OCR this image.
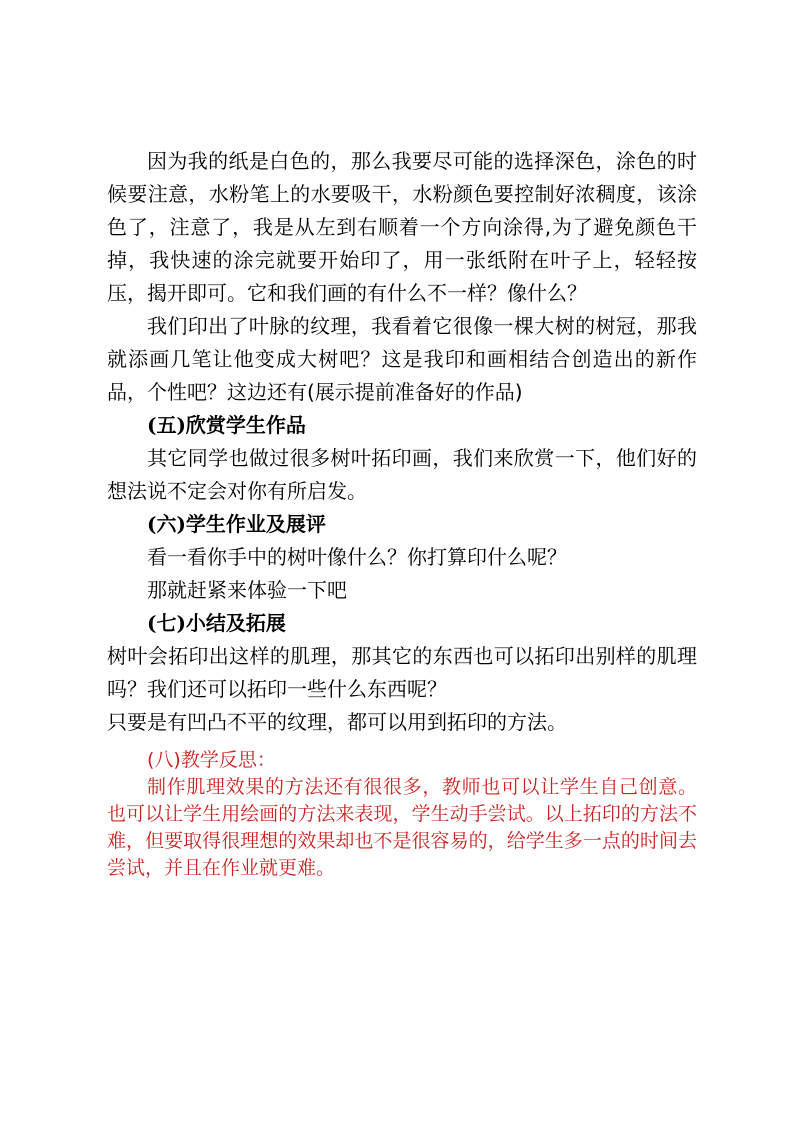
因为我的纸是白色的，那么我要尽可能的选择深色，涂色的时候要注意，水粉笔上的水要吸干，水粉颜色要控制好浓稠度，该涂色了，注意了，我是从左到右顺着一个方向涂得,为了避免颜色干掉，我快速的涂完就要开始印了，用一张纸附在叶子上，轻轻按压，揭开即可。它和我们画的有什么不一样？像什么？

我们印出了叶脉的纹理，我看着它很像一棵大树的树冠，那我就添画几笔让他变成大树吧？这是我印和画相结合创造出的新作品，个性吧？这边还有(展示提前准备好的作品)

(五)欣赏学生作品

其它同学也做过很多树叶拓印画，我们来欣赏一下，他们好的想法说不定会对你有所启发。

(六)学生作业及展评

看一看你手中的树叶像什么？你打算印什么呢？

那就赶紧来体验一下吧

(七)小结及拓展

树叶会拓印出这样的肌理，那其它的东西也可以拓印出别样的肌理吗？我们还可以拓印一些什么东西呢？

只要是有凹凸不平的纹理，都可以用到拓印的方法。

(八)教学反思：

制作肌理效果的方法还有很很多，教师也可以让学生自己创意。也可以让学生用绘画的方法来表现，学生动手尝试。以上拓印的方法不难，但要取得很理想的效果却也不是很容易的，给学生多一点的时间去尝试，并且在作业就更难。
